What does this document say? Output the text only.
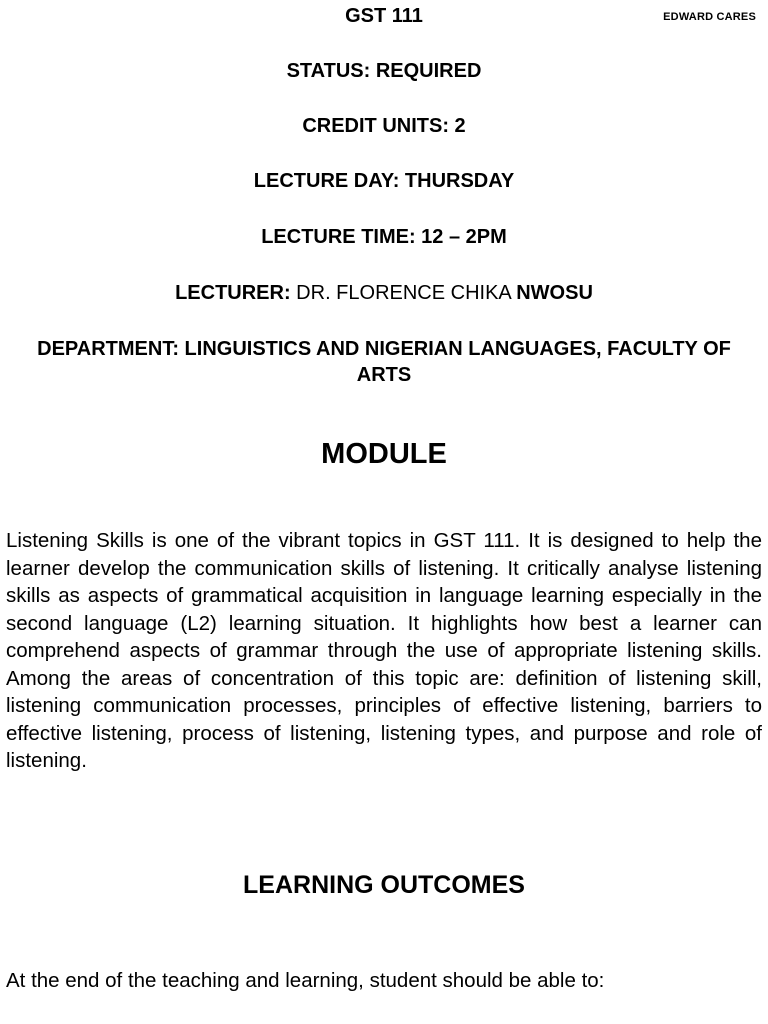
EDWARD CARES
GST 111
STATUS: REQUIRED
CREDIT UNITS: 2
LECTURE DAY: THURSDAY
LECTURE TIME: 12 – 2PM
LECTURER: DR. FLORENCE CHIKA NWOSU
DEPARTMENT: LINGUISTICS AND NIGERIAN LANGUAGES, FACULTY OF ARTS
MODULE
Listening Skills is one of the vibrant topics in GST 111. It is designed to help the learner develop the communication skills of listening. It critically analyse listening skills as aspects of grammatical acquisition in language learning especially in the second language (L2) learning situation. It highlights how best a learner can comprehend aspects of grammar through the use of appropriate listening skills. Among the areas of concentration of this topic are: definition of listening skill, listening communication processes, principles of effective listening, barriers to effective listening, process of listening, listening types, and purpose and role of listening.
LEARNING OUTCOMES
At the end of the teaching and learning, student should be able to:
